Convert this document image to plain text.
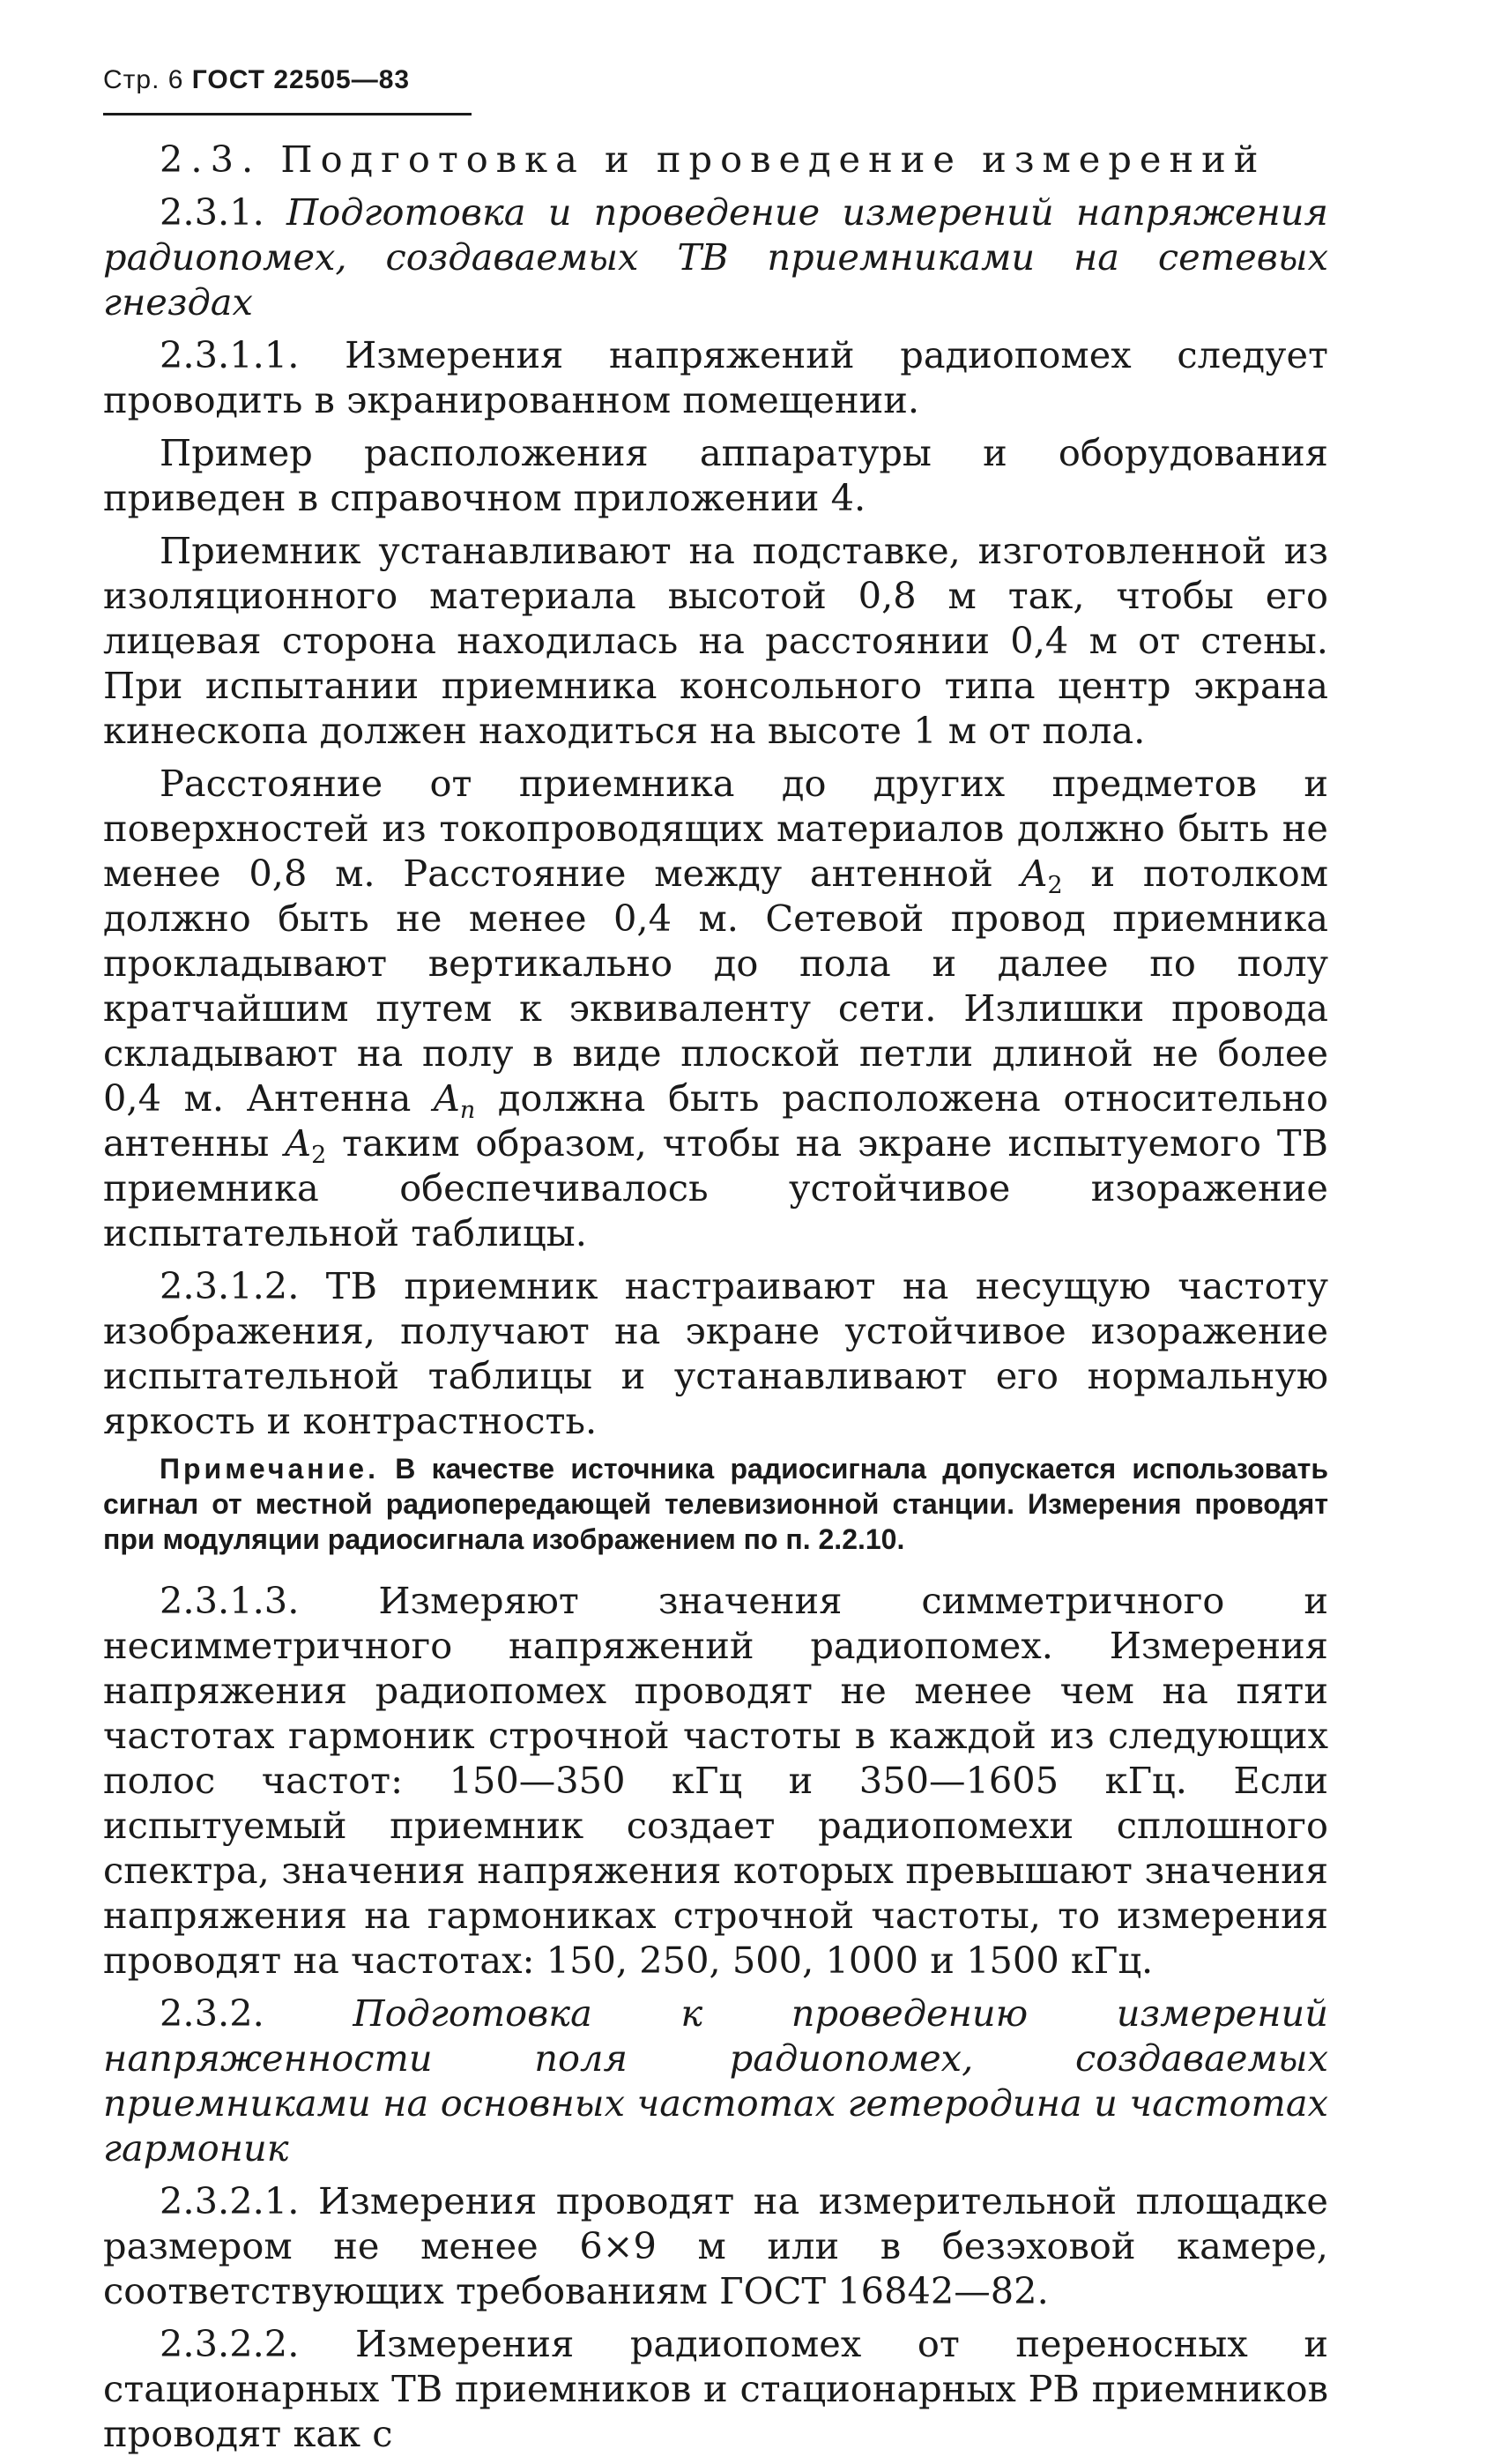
Стр. 6 ГОСТ 22505—83

2.3. Подготовка и проведение измерений

2.3.1. Подготовка и проведение измерений напряжения радиопомех, создаваемых ТВ приемниками на сетевых гнездах

2.3.1.1. Измерения напряжений радиопомех следует проводить в экранированном помещении.

Пример расположения аппаратуры и оборудования приведен в справочном приложении 4.

Приемник устанавливают на подставке, изготовленной из изоляционного материала высотой 0,8 м так, чтобы его лицевая сторона находилась на расстоянии 0,4 м от стены. При испытании приемника консольного типа центр экрана кинескопа должен находиться на высоте 1 м от пола.

Расстояние от приемника до других предметов и поверхностей из токопроводящих материалов должно быть не менее 0,8 м. Расстояние между антенной $A_2$ и потолком должно быть не менее 0,4 м. Сетевой провод приемника прокладывают вертикально до пола и далее по полу кратчайшим путем к эквиваленту сети. Излишки провода складывают на полу в виде плоской петли длиной не более 0,4 м. Антенна $A_п$ должна быть расположена относительно антенны $A_2$ таким образом, чтобы на экране испытуемого ТВ приемника обеспечивалось устойчивое изоражение испытательной таблицы.

2.3.1.2. ТВ приемник настраивают на несущую частоту изображения, получают на экране устойчивое изоражение испытательной таблицы и устанавливают его нормальную яркость и контрастность.

Примечание. В качестве источника радиосигнала допускается использовать сигнал от местной радиопередающей телевизионной станции. Измерения проводят при модуляции радиосигнала изображением по п. 2.2.10.

2.3.1.3. Измеряют значения симметричного и несимметричного напряжений радиопомех. Измерения напряжения радиопомех проводят не менее чем на пяти частотах гармоник строчной частоты в каждой из следующих полос частот: 150—350 кГц и 350—1605 кГц. Если испытуемый приемник создает радиопомехи сплошного спектра, значения напряжения которых превышают значения напряжения на гармониках строчной частоты, то измерения проводят на частотах: 150, 250, 500, 1000 и 1500 кГц.

2.3.2. Подготовка к проведению измерений напряженности поля радиопомех, создаваемых приемниками на основных частотах гетеродина и частотах гармоник

2.3.2.1. Измерения проводят на измерительной площадке размером не менее 6×9 м или в безэховой камере, соответствующих требованиям ГОСТ 16842—82.

2.3.2.2. Измерения радиопомех от переносных и стационарных ТВ приемников и стационарных РВ приемников проводят как с
